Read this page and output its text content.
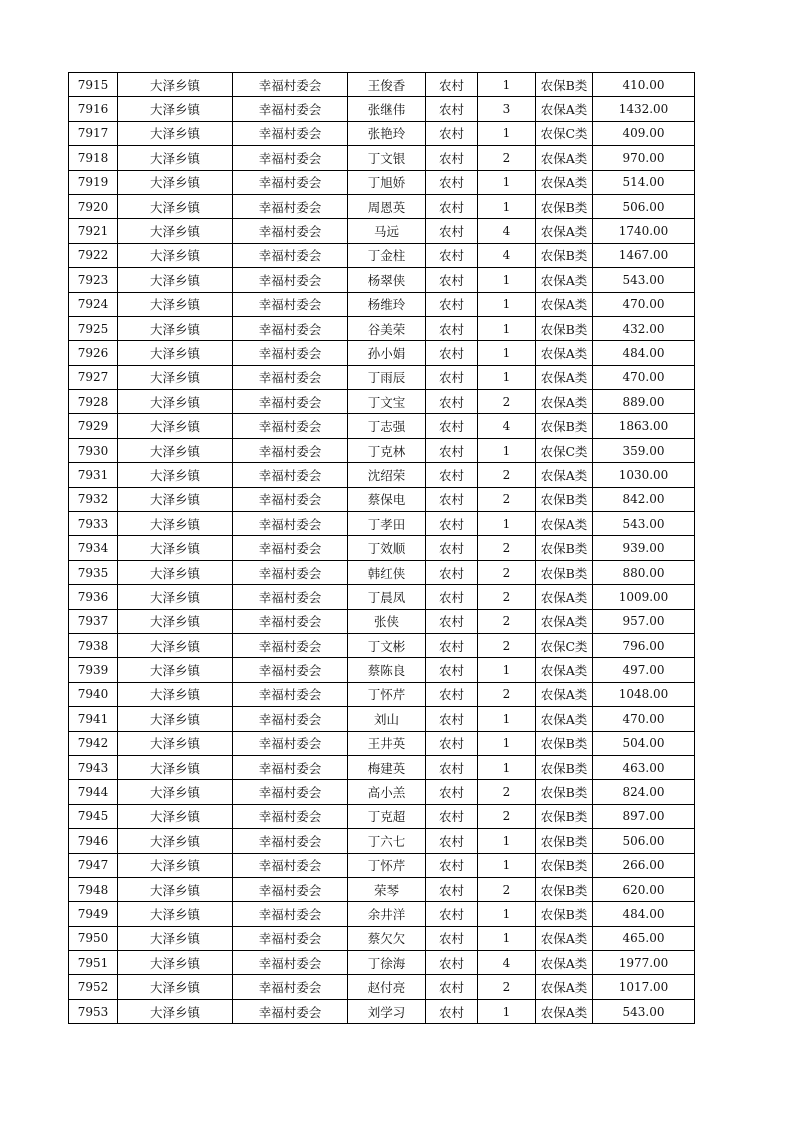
7915	大泽乡镇	幸福村委会	王俊香	农村	1	农保B类	410.00
7916	大泽乡镇	幸福村委会	张继伟	农村	3	农保A类	1432.00
7917	大泽乡镇	幸福村委会	张艳玲	农村	1	农保C类	409.00
7918	大泽乡镇	幸福村委会	丁文银	农村	2	农保A类	970.00
7919	大泽乡镇	幸福村委会	丁旭娇	农村	1	农保A类	514.00
7920	大泽乡镇	幸福村委会	周恩英	农村	1	农保B类	506.00
7921	大泽乡镇	幸福村委会	马远	农村	4	农保A类	1740.00
7922	大泽乡镇	幸福村委会	丁金柱	农村	4	农保B类	1467.00
7923	大泽乡镇	幸福村委会	杨翠侠	农村	1	农保A类	543.00
7924	大泽乡镇	幸福村委会	杨维玲	农村	1	农保A类	470.00
7925	大泽乡镇	幸福村委会	谷美荣	农村	1	农保B类	432.00
7926	大泽乡镇	幸福村委会	孙小娟	农村	1	农保A类	484.00
7927	大泽乡镇	幸福村委会	丁雨辰	农村	1	农保A类	470.00
7928	大泽乡镇	幸福村委会	丁文宝	农村	2	农保A类	889.00
7929	大泽乡镇	幸福村委会	丁志强	农村	4	农保B类	1863.00
7930	大泽乡镇	幸福村委会	丁克林	农村	1	农保C类	359.00
7931	大泽乡镇	幸福村委会	沈绍荣	农村	2	农保A类	1030.00
7932	大泽乡镇	幸福村委会	蔡保电	农村	2	农保B类	842.00
7933	大泽乡镇	幸福村委会	丁孝田	农村	1	农保A类	543.00
7934	大泽乡镇	幸福村委会	丁效顺	农村	2	农保B类	939.00
7935	大泽乡镇	幸福村委会	韩红侠	农村	2	农保B类	880.00
7936	大泽乡镇	幸福村委会	丁晨凤	农村	2	农保A类	1009.00
7937	大泽乡镇	幸福村委会	张侠	农村	2	农保A类	957.00
7938	大泽乡镇	幸福村委会	丁文彬	农村	2	农保C类	796.00
7939	大泽乡镇	幸福村委会	蔡陈良	农村	1	农保A类	497.00
7940	大泽乡镇	幸福村委会	丁怀芹	农村	2	农保A类	1048.00
7941	大泽乡镇	幸福村委会	刘山	农村	1	农保A类	470.00
7942	大泽乡镇	幸福村委会	王井英	农村	1	农保B类	504.00
7943	大泽乡镇	幸福村委会	梅建英	农村	1	农保B类	463.00
7944	大泽乡镇	幸福村委会	高小羔	农村	2	农保B类	824.00
7945	大泽乡镇	幸福村委会	丁克超	农村	2	农保B类	897.00
7946	大泽乡镇	幸福村委会	丁六七	农村	1	农保B类	506.00
7947	大泽乡镇	幸福村委会	丁怀芹	农村	1	农保B类	266.00
7948	大泽乡镇	幸福村委会	荣琴	农村	2	农保B类	620.00
7949	大泽乡镇	幸福村委会	余井洋	农村	1	农保B类	484.00
7950	大泽乡镇	幸福村委会	蔡欠欠	农村	1	农保A类	465.00
7951	大泽乡镇	幸福村委会	丁徐海	农村	4	农保A类	1977.00
7952	大泽乡镇	幸福村委会	赵付亮	农村	2	农保A类	1017.00
7953	大泽乡镇	幸福村委会	刘学习	农村	1	农保A类	543.00
